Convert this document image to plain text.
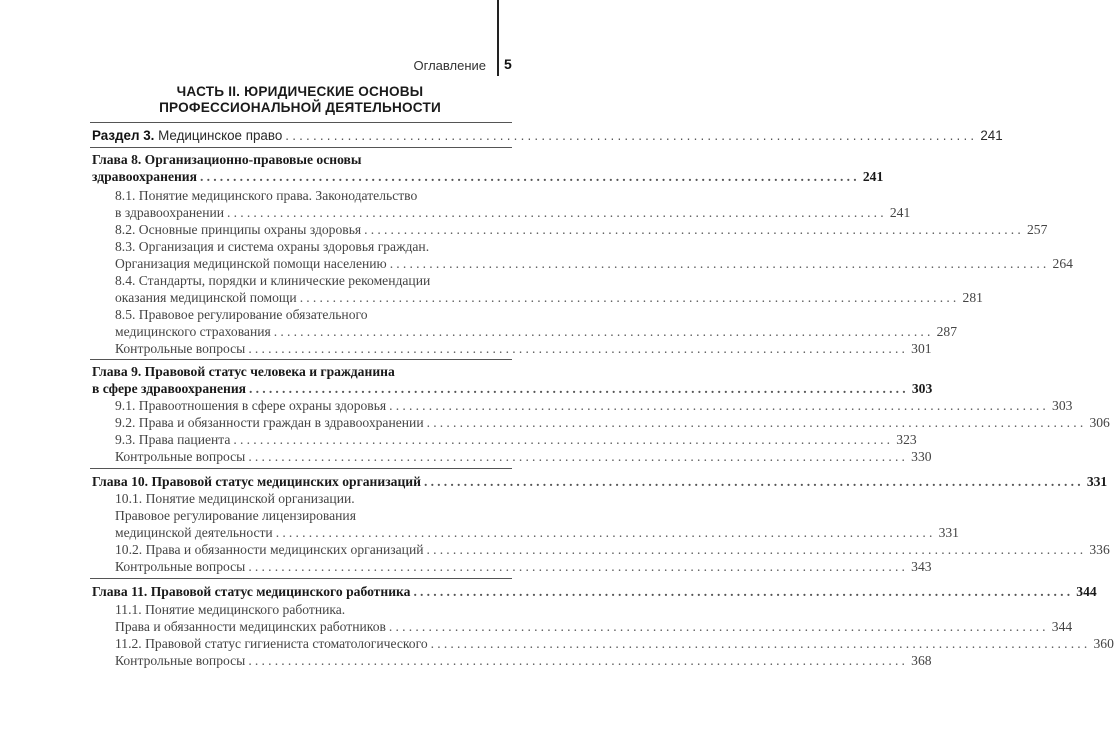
Оглавление 5
ЧАСТЬ II. ЮРИДИЧЕСКИЕ ОСНОВЫ
ПРОФЕССИОНАЛЬНОЙ ДЕЯТЕЛЬНОСТИ
Раздел 3. Медицинское право .................................................................................................... 241
Глава 8. Организационно-правовые основы
здравоохранения .................................................................................................... 241
8.1. Понятие медицинского права. Законодательство
в здравоохранении .................................................................................................... 241
8.2. Основные принципы охраны здоровья .................................................................................................... 257
8.3. Организация и система охраны здоровья граждан.
Организация медицинской помощи населению .................................................................................................... 264
8.4. Стандарты, порядки и клинические рекомендации
оказания медицинской помощи .................................................................................................... 281
8.5. Правовое регулирование обязательного
медицинского страхования .................................................................................................... 287
Контрольные вопросы .................................................................................................... 301
Глава 9. Правовой статус человека и гражданина
в сфере здравоохранения .................................................................................................... 303
9.1. Правоотношения в сфере охраны здоровья .................................................................................................... 303
9.2. Права и обязанности граждан в здравоохранении .................................................................................................... 306
9.3. Права пациента .................................................................................................... 323
Контрольные вопросы .................................................................................................... 330
Глава 10. Правовой статус медицинских организаций .................................................................................................... 331
10.1. Понятие медицинской организации.
Правовое регулирование лицензирования
медицинской деятельности .................................................................................................... 331
10.2. Права и обязанности медицинских организаций .................................................................................................... 336
Контрольные вопросы .................................................................................................... 343
Глава 11. Правовой статус медицинского работника .................................................................................................... 344
11.1. Понятие медицинского работника.
Права и обязанности медицинских работников .................................................................................................... 344
11.2. Правовой статус гигиениста стоматологического .................................................................................................... 360
Контрольные вопросы .................................................................................................... 368
